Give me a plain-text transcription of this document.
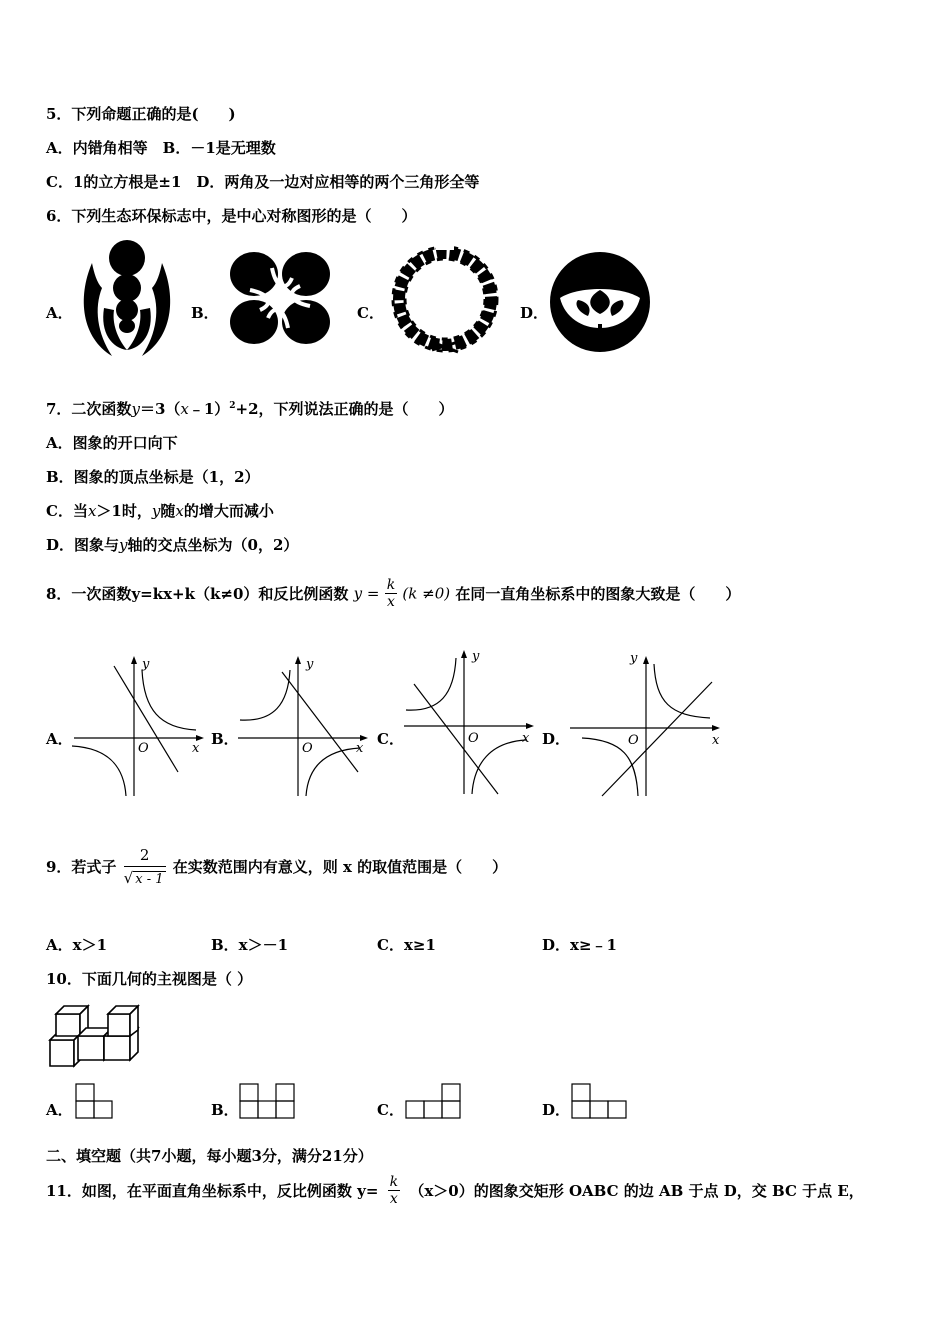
5．下列命题正确的是(　　)
A．内错角相等　B．－1是无理数
C．1的立方根是±1　D．两角及一边对应相等的两个三角形全等
6．下列生态环保标志中，是中心对称图形的是（　　）
A．	B．	C．	D．
7．二次函数y＝3（x﹣1）$^2$+2，下列说法正确的是（　　）
A．图象的开口向下
B．图象的顶点坐标是（1，2）
C．当x＞1时，y随x的增大而减小
D．图象与y轴的交点坐标为（0，2）
8．一次函数y=kx+k（k≠0）和反比例函数 $y = \frac{k}{x} (k \ne 0)$ 在同一直角坐标系中的图象大致是（　　）
A．
y
x
O
B．
y
x
O
C．
y
x
O	D．
y
x
O
9．若式子 $\frac{2}{√ x - 1}$ 在实数范围内有意义，则 x 的取值范围是（　　）
A．x＞1	B．x＞－1	C．x≥1	D．x≥﹣1
10．下面几何的主视图是（ ）
A．	B．	C．	D．
二、填空题（共7小题，每小题3分，满分21分）
11．如图，在平面直角坐标系中，反比例函数 $y= \frac{k}{x} (x>0)$的图象交矩形 OABC 的边 AB 于点 D，交 BC 于点 E，
